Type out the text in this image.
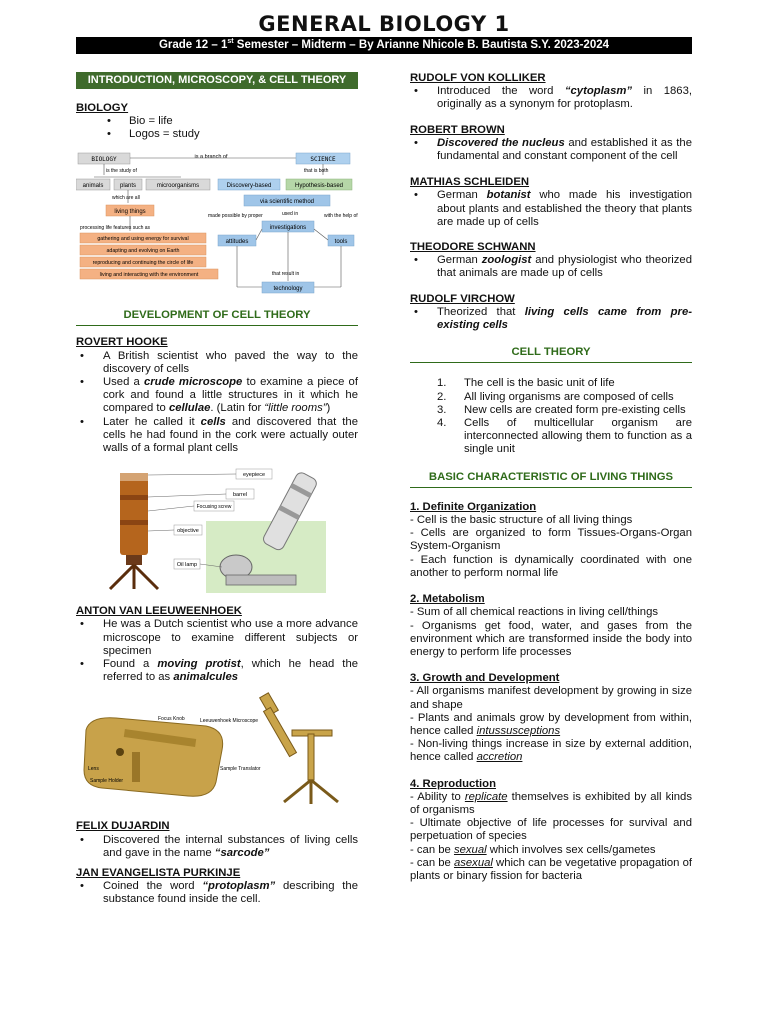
GENERAL BIOLOGY 1
Grade 12 – 1st Semester – Midterm – By Arianne Nhicole B. Bautista S.Y. 2023-2024
INTRODUCTION, MICROSCOPY, & CELL THEORY
BIOLOGY
• Bio = life
• Logos = study
BIOLOGY	is a branch of	SCIENCE
is the study of	that is both
animals	plants	microorganisms	Discovery-based	Hypothesis-based
which are all
via scientific method
living things
made possible by proper	used in	with the help of
processing life features such as	investigations
gathering and using energy for survival
adapting and evolving on Earth
reproducing and continuing the circle of life
living and interacting with the environment
attitudes	tools
that result in
technology
DEVELOPMENT OF CELL THEORY
ROVERT HOOKE
• A British scientist who paved the way to the discovery of cells
• Used a crude microscope to examine a piece of cork and found a little structures in it which he compared to cellulae. (Latin for “little rooms”)
• Later he called it cells and discovered that the cells he had found in the cork were actually outer walls of a formal plant cells
eyepiece
barrel
Focusing screw
objective
Oil lamp
ANTON VAN LEEUWEENHOEK
• He was a Dutch scientist who use a more advance microscope to examine different subjects or specimen
• Found a moving protist, which he head the referred to as animalcules
Focus Knob	Leeuwenhoek Microscope
Lens
Sample Holder
Sample Translator
FELIX DUJARDIN
• Discovered the internal substances of living cells and gave in the name “sarcode”
JAN EVANGELISTA PURKINJE
• Coined the word “protoplasm” describing the substance found inside the cell.
RUDOLF VON KOLLIKER
• Introduced the word “cytoplasm” in 1863, originally as a synonym for protoplasm.
ROBERT BROWN
• Discovered the nucleus and established it as the fundamental and constant component of the cell
MATHIAS SCHLEIDEN
• German botanist who made his investigation about plants and established the theory that plants are made up of cells
THEODORE SCHWANN
• German zoologist and physiologist who theorized that animals are made up of cells
RUDOLF VIRCHOW
• Theorized that living cells came from pre-existing cells
CELL THEORY
1. The cell is the basic unit of life
2. All living organisms are composed of cells
3. New cells are created form pre-existing cells
4. Cells of multicellular organism are interconnected allowing them to function as a single unit
BASIC CHARACTERISTIC OF LIVING THINGS
1. Definite Organization
- Cell is the basic structure of all living things
- Cells are organized to form Tissues-Organs-Organ System-Organism
- Each function is dynamically coordinated with one another to perform normal life
2. Metabolism
- Sum of all chemical reactions in living cell/things
- Organisms get food, water, and gases from the environment which are transformed inside the body into energy to perform life processes
3. Growth and Development
- All organisms manifest development by growing in size and shape
- Plants and animals grow by development from within, hence called intussusceptions
- Non-living things increase in size by external addition, hence called accretion
4. Reproduction
- Ability to replicate themselves is exhibited by all kinds of organisms
- Ultimate objective of life processes for survival and perpetuation of species
- can be sexual which involves sex cells/gametes
- can be asexual which can be vegetative propagation of plants or binary fission for bacteria
